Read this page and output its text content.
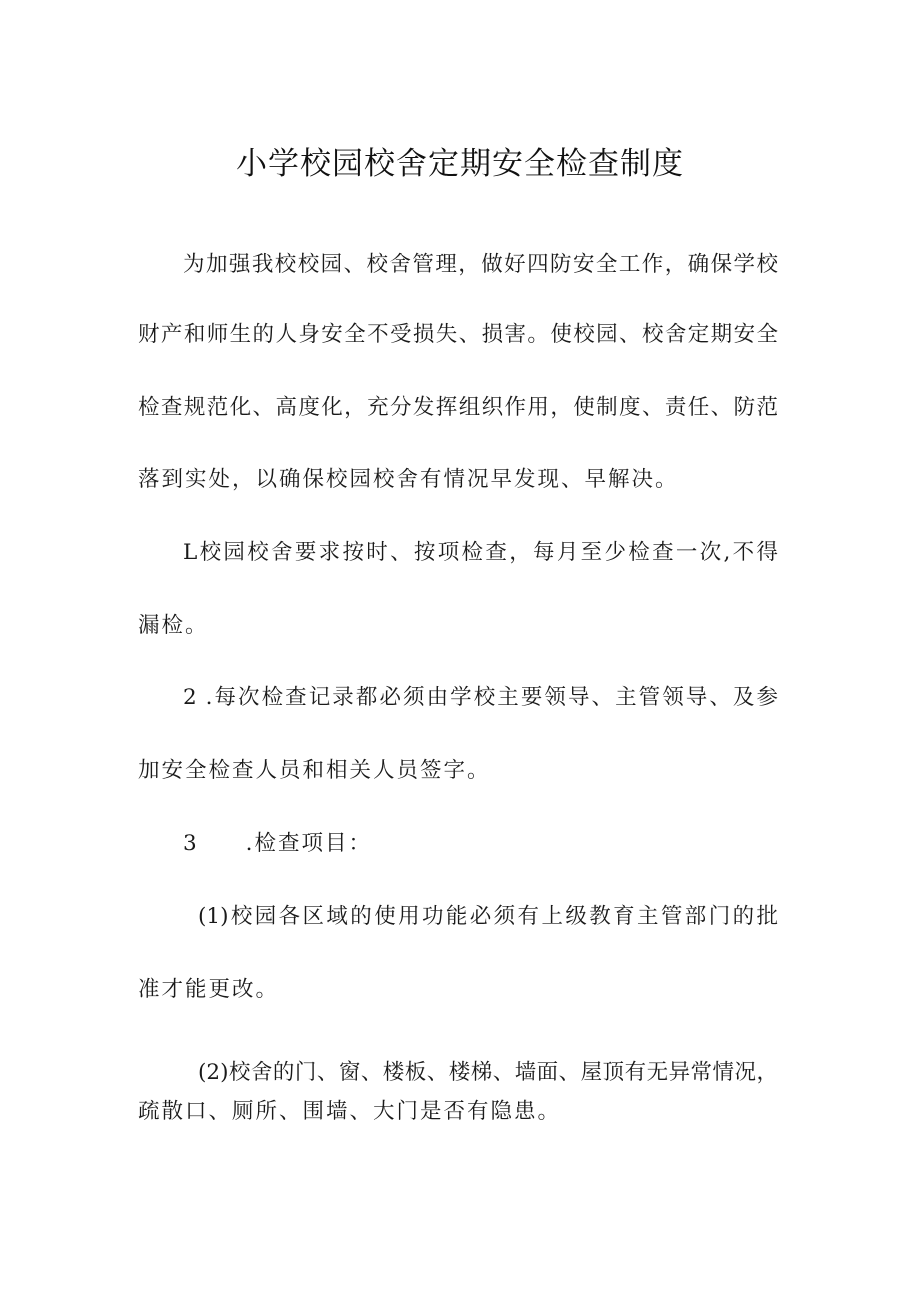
小学校园校舍定期安全检查制度
为加强我校校园、校舍管理，做好四防安全工作，确保学校
财产和师生的人身安全不受损失、损害。使校园、校舍定期安全
检查规范化、高度化，充分发挥组织作用，使制度、责任、防范
落到实处，以确保校园校舍有情况早发现、早解决。
L校园校舍要求按时、按项检查，每月至少检查一次,不得
漏检。
2 .每次检查记录都必须由学校主要领导、主管领导、及参
加安全检查人员和相关人员签字。
3　　.检查项目：
(1)校园各区域的使用功能必须有上级教育主管部门的批
准才能更改。
(2)校舍的门、窗、楼板、楼梯、墙面、屋顶有无异常情况，
疏散口、厕所、围墙、大门是否有隐患。
